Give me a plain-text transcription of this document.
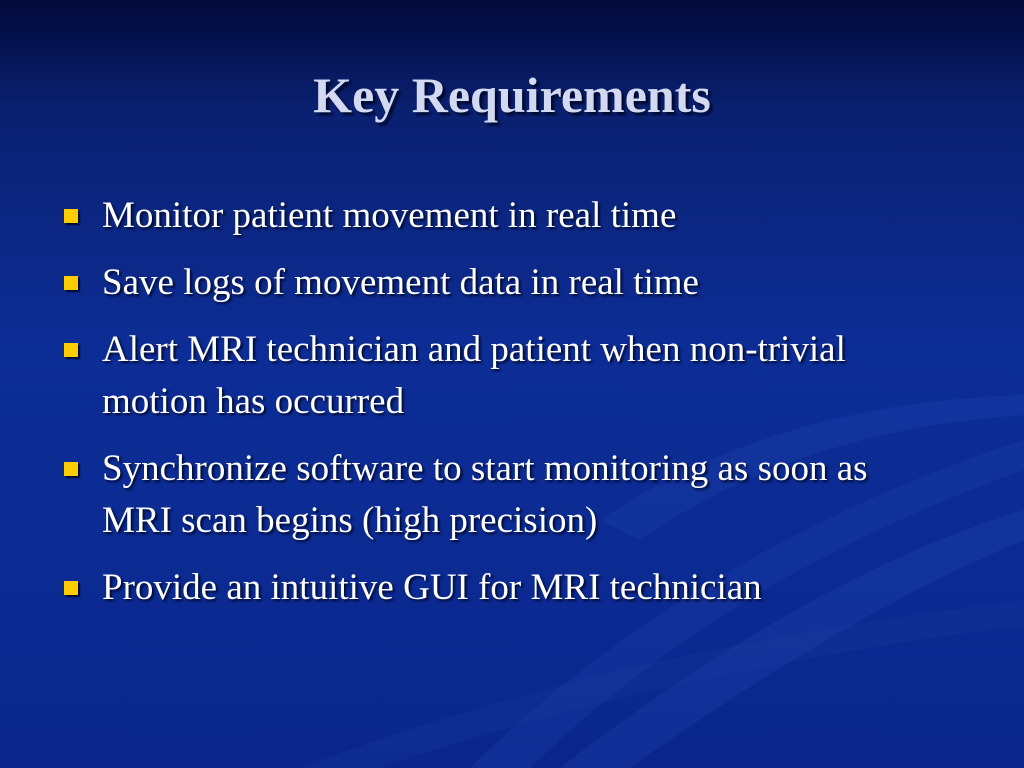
Key Requirements
Monitor patient movement in real time
Save logs of movement data in real time
Alert MRI technician and patient when non-trivial motion has occurred
Synchronize software to start monitoring as soon as MRI scan begins (high precision)
Provide an intuitive GUI for MRI technician
